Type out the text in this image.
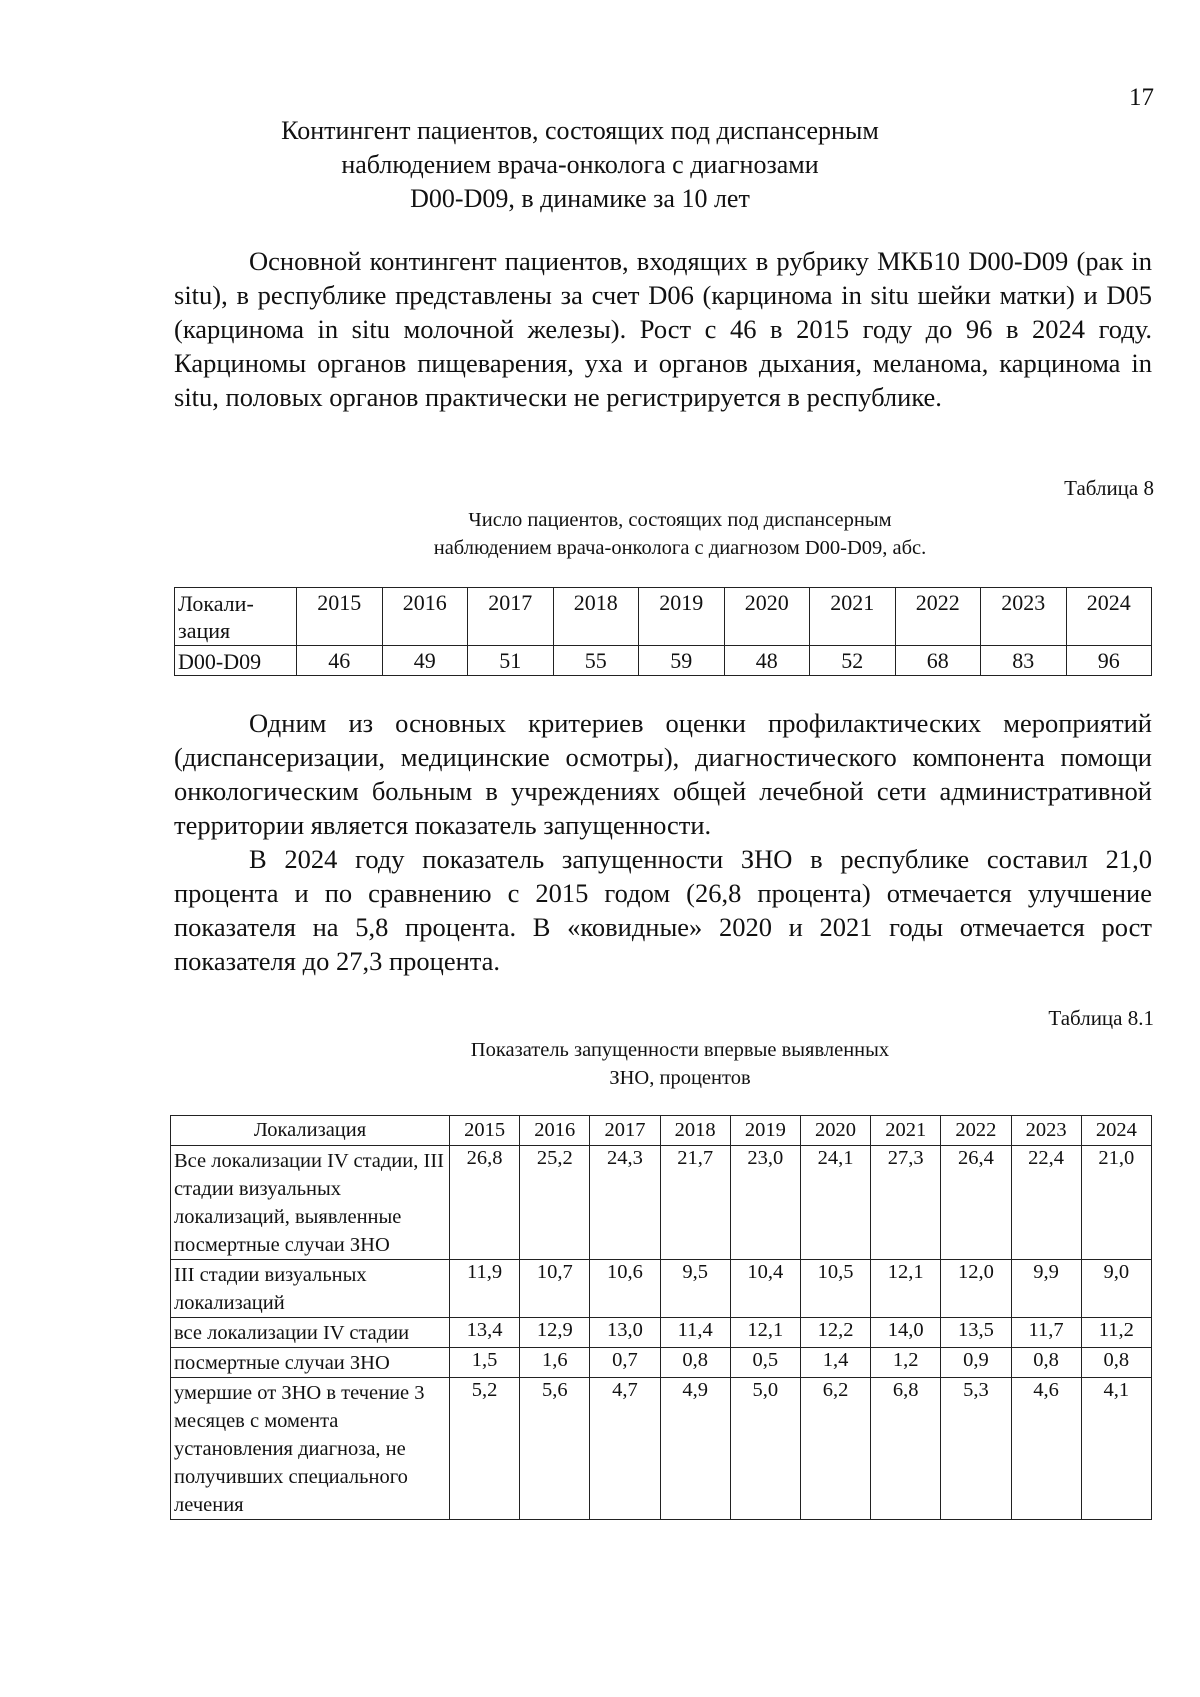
17
Контингент пациентов, состоящих под диспансерным
наблюдением врача-онколога с диагнозами
D00-D09, в динамике за 10 лет

Основной контингент пациентов, входящих в рубрику МКБ10 D00-D09 (рак in situ), в республике представлены за счет D06 (карцинома in situ шейки матки) и D05 (карцинома in situ молочной железы). Рост с 46 в 2015 году до 96 в 2024 году. Карциномы органов пищеварения, уха и органов дыхания, меланома, карцинома in situ, половых органов практически не регистрируется в республике.

Таблица 8
Число пациентов, состоящих под диспансерным
наблюдением врача-онколога с диагнозом D00-D09, абс.
Локали-зация	2015	2016	2017	2018	2019	2020	2021	2022	2023	2024
D00-D09	46	49	51	55	59	48	52	68	83	96

Одним из основных критериев оценки профилактических мероприятий (диспансеризации, медицинские осмотры), диагностического компонента помощи онкологическим больным в учреждениях общей лечебной сети административной территории является показатель запущенности.

В 2024 году показатель запущенности ЗНО в республике составил 21,0 процента и по сравнению с 2015 годом (26,8 процента) отмечается улучшение показателя на 5,8 процента. В «ковидные» 2020 и 2021 годы отмечается рост показателя до 27,3 процента.

Таблица 8.1
Показатель запущенности впервые выявленных
ЗНО, процентов
Локализация	2015	2016	2017	2018	2019	2020	2021	2022	2023	2024
Все локализации IV стадии, III стадии визуальных локализаций, выявленные посмертные случаи ЗНО	26,8	25,2	24,3	21,7	23,0	24,1	27,3	26,4	22,4	21,0
III стадии визуальных локализаций	11,9	10,7	10,6	9,5	10,4	10,5	12,1	12,0	9,9	9,0
все локализации IV стадии	13,4	12,9	13,0	11,4	12,1	12,2	14,0	13,5	11,7	11,2
посмертные случаи ЗНО	1,5	1,6	0,7	0,8	0,5	1,4	1,2	0,9	0,8	0,8
умершие от ЗНО в течение 3 месяцев с момента установления диагноза, не получивших специального лечения	5,2	5,6	4,7	4,9	5,0	6,2	6,8	5,3	4,6	4,1
